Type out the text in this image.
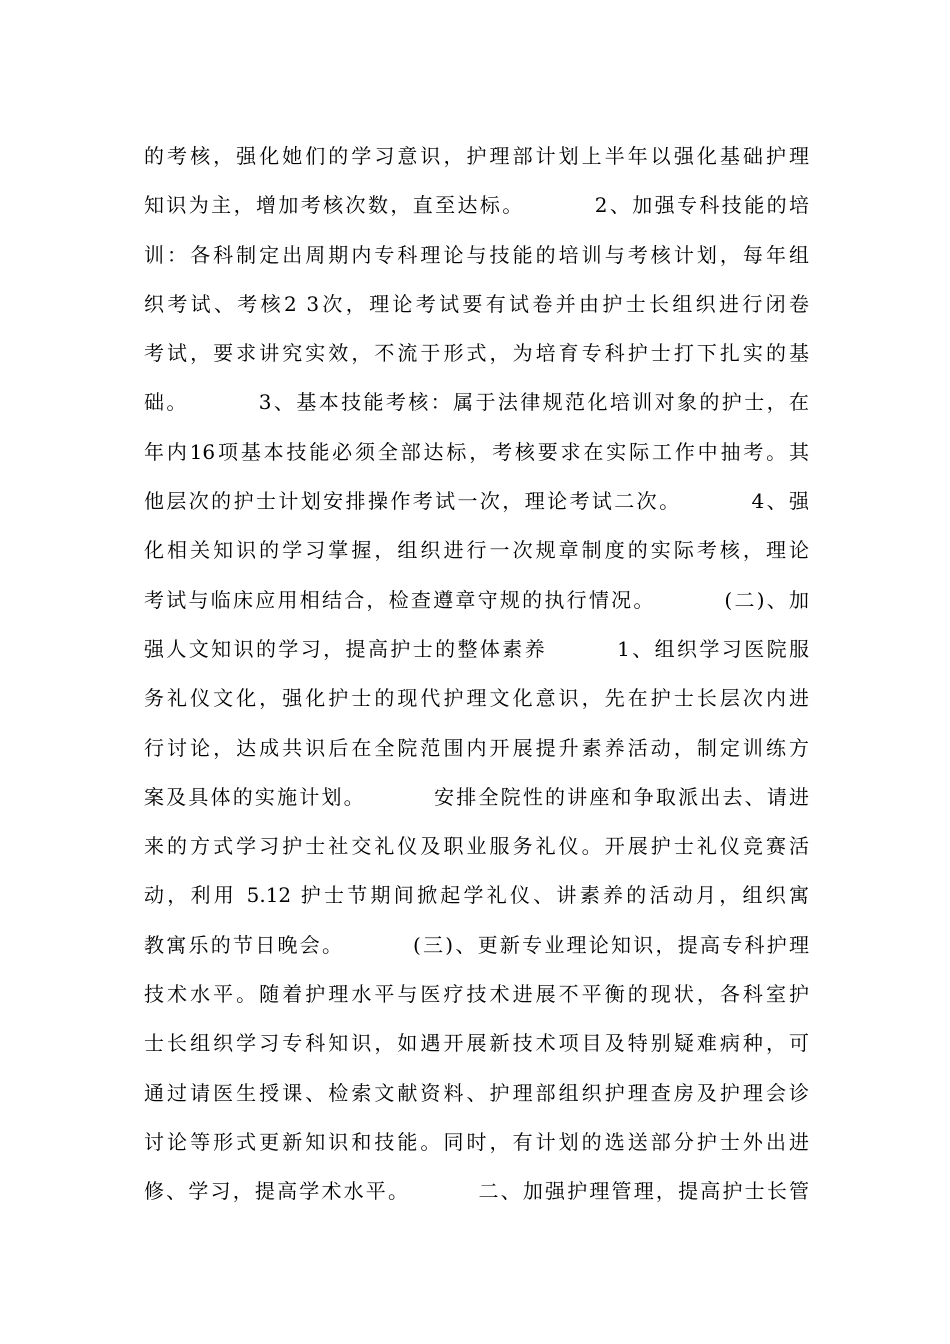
的考核，强化她们的学习意识，护理部计划上半年以强化基础护理
知识为主，增加考核次数，直至达标。        2、加强专科技能的培
训：各科制定出周期内专科理论与技能的培训与考核计划，每年组
织考试、考核2 3次，理论考试要有试卷并由护士长组织进行闭卷
考试，要求讲究实效，不流于形式，为培育专科护士打下扎实的基
础。        3、基本技能考核：属于法律规范化培训对象的护士，在
年内16项基本技能必须全部达标，考核要求在实际工作中抽考。其
他层次的护士计划安排操作考试一次，理论考试二次。        4、强
化相关知识的学习掌握，组织进行一次规章制度的实际考核，理论
考试与临床应用相结合，检查遵章守规的执行情况。        (二)、加
强人文知识的学习，提高护士的整体素养        1、组织学习医院服
务礼仪文化，强化护士的现代护理文化意识，先在护士长层次内进
行讨论，达成共识后在全院范围内开展提升素养活动，制定训练方
案及具体的实施计划。        安排全院性的讲座和争取派出去、请进
来的方式学习护士社交礼仪及职业服务礼仪。开展护士礼仪竞赛活
动，利用 5.12 护士节期间掀起学礼仪、讲素养的活动月，组织寓
教寓乐的节日晚会。        (三)、更新专业理论知识，提高专科护理
技术水平。随着护理水平与医疗技术进展不平衡的现状，各科室护
士长组织学习专科知识，如遇开展新技术项目及特别疑难病种，可
通过请医生授课、检索文献资料、护理部组织护理查房及护理会诊
讨论等形式更新知识和技能。同时，有计划的选送部分护士外出进
修、学习，提高学术水平。        二、加强护理管理，提高护士长管
